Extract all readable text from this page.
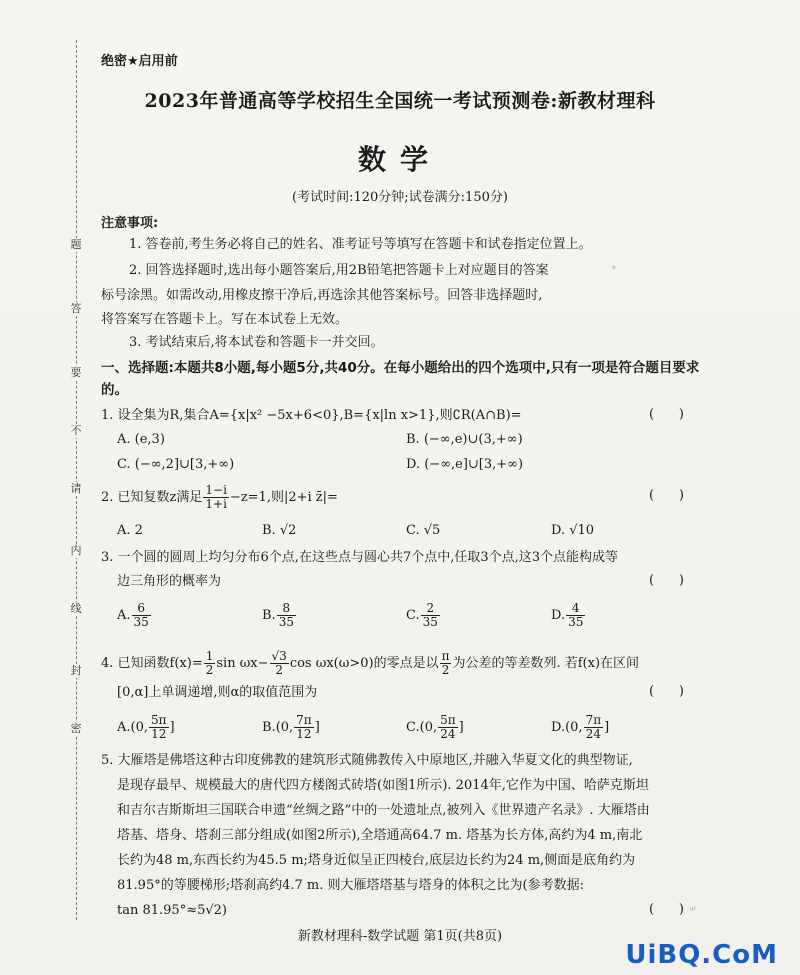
题
答
要
不
请
内
线
封
密
绝密★启用前
2023年普通高等学校招生全国统一考试预测卷:新教材理科
数学
(考试时间:120分钟;试卷满分:150分)
注意事项:
1. 答卷前,考生务必将自己的姓名、准考证号等填写在答题卡和试卷指定位置上。
2. 回答选择题时,选出每小题答案后,用2B铅笔把答题卡上对应题目的答案	ᵃ
标号涂黑。如需改动,用橡皮擦干净后,再选涂其他答案标号。回答非选择题时,
将答案写在答题卡上。写在本试卷上无效。
3. 考试结束后,将本试卷和答题卡一并交回。
一、选择题:本题共8小题,每小题5分,共40分。在每小题给出的四个选项中,只有一项是符合题目要求的。
1. 设全集为R,集合A={x|x² −5x+6<0},B={x|ln x>1},则∁R(A∩B)=	(      )
A. (e,3)	B. (−∞,e)∪(3,+∞)
C. (−∞,2]∪[3,+∞)	D. (−∞,e]∪[3,+∞)
2. 已知复数z满足 $\frac{1-i}{1+i} -z=1$,则|2+i z̄|=	(      )
A. 2	B. √2	C. √5	D. √10
3. 一个圆的圆周上均匀分布6个点,在这些点与圆心共7个点中,任取3个点,这3个点能构成等
边三角形的概率为	(      )
A. $\frac{6}{35}$	B. $\frac{8}{35}$	C. $\frac{2}{35}$	D. $\frac{4}{35}$
4. 已知函数$f(x)= \frac{1}{2}$ $\sin \omega x- \frac{√3}{2}$ cos ωx(ω>0)的零点是以 $\frac{\pi}{2}$ 为公差的等差数列. 若f(x)在区间
[0,α]上单调递增,则α的取值范围为	(      )
A.(0, $\frac{5\pi}{12}$ ]	B.(0, $\frac{7\pi}{12}$ ]	C.(0, $\frac{5\pi}{24}$ ]	D.(0, $\frac{7\pi}{24}$ ]
5. 大雁塔是佛塔这种古印度佛教的建筑形式随佛教传入中原地区,并融入华夏文化的典型物证,
是现存最早、规模最大的唐代四方楼阁式砖塔(如图1所示). 2014年,它作为中国、哈萨克斯坦
和吉尔吉斯斯坦三国联合申遗“丝绸之路”中的一处遗址点,被列入《世界遗产名录》. 大雁塔由
塔基、塔身、塔刹三部分组成(如图2所示),全塔通高64.7 m. 塔基为长方体,高约为4 m,南北
长约为48 m,东西长约为45.5 m;塔身近似呈正四棱台,底层边长约为24 m,侧面是底角约为
81.95°的等腰梯形;塔刹高约4.7 m. 则大雁塔塔基与塔身的体积之比为(参考数据:
tan 81.95°≈5√2)	(      ) ᵍᵗ
新教材理科-数学试题 第1页(共8页)
UiBQ.CoM
